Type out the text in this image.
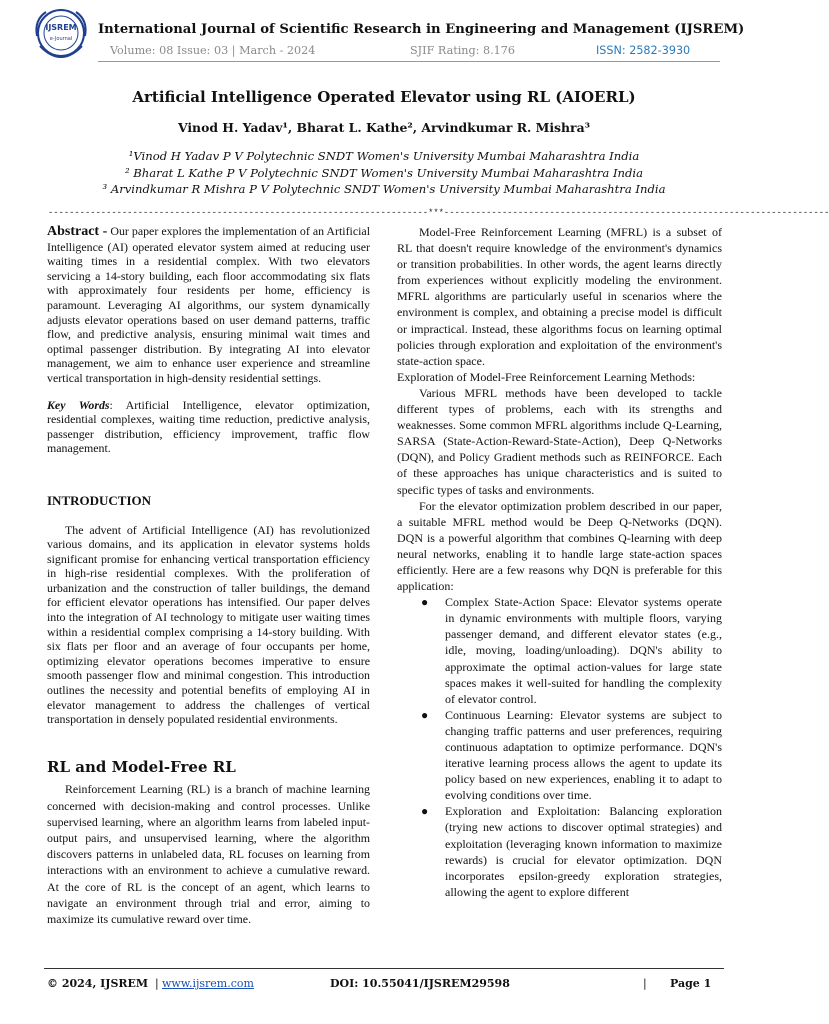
IJSREM
e-Journal
International Journal of Scientific Research in Engineering and Management (IJSREM)
Volume: 08 Issue: 03 | March - 2024	SJIF Rating: 8.176	ISSN: 2582-3930
Artificial Intelligence Operated Elevator using RL (AIOERL)
Vinod H. Yadav¹, Bharat L. Kathe², Arvindkumar R. Mishra³
¹Vinod H Yadav P V Polytechnic SNDT Women's University Mumbai Maharashtra India
² Bharat L Kathe P V Polytechnic SNDT Women's University Mumbai Maharashtra India
³ Arvindkumar R Mishra P V Polytechnic SNDT Women's University Mumbai Maharashtra India
------------------------------------------------------------------------***-------------------------------------------------------------------------

Abstract - Our paper explores the implementation of an Artificial Intelligence (AI) operated elevator system aimed at reducing user waiting times in a residential complex. With two elevators servicing a 14-story building, each floor accommodating six flats with approximately four residents per home, efficiency is paramount. Leveraging AI algorithms, our system dynamically adjusts elevator operations based on user demand patterns, traffic flow, and predictive analysis, ensuring minimal wait times and optimal passenger distribution. By integrating AI into elevator management, we aim to enhance user experience and streamline vertical transportation in high-density residential settings.

Key Words: Artificial Intelligence, elevator optimization, residential complexes, waiting time reduction, predictive analysis, passenger distribution, efficiency improvement, traffic flow management.

INTRODUCTION

The advent of Artificial Intelligence (AI) has revolutionized various domains, and its application in elevator systems holds significant promise for enhancing vertical transportation efficiency in high-rise residential complexes. With the proliferation of urbanization and the construction of taller buildings, the demand for efficient elevator operations has intensified. Our paper delves into the integration of AI technology to mitigate user waiting times within a residential complex comprising a 14-story building. With six flats per floor and an average of four occupants per home, optimizing elevator operations becomes imperative to ensure smooth passenger flow and minimal congestion. This introduction outlines the necessity and potential benefits of employing AI in elevator management to address the challenges of vertical transportation in densely populated residential environments.

RL and Model-Free RL

Reinforcement Learning (RL) is a branch of machine learning concerned with decision-making and control processes. Unlike supervised learning, where an algorithm learns from labeled input-output pairs, and unsupervised learning, where the algorithm discovers patterns in unlabeled data, RL focuses on learning from interactions with an environment to achieve a cumulative reward. At the core of RL is the concept of an agent, which learns to navigate an environment through trial and error, aiming to maximize its cumulative reward over time.

Model-Free Reinforcement Learning (MFRL) is a subset of RL that doesn't require knowledge of the environment's dynamics or transition probabilities. In other words, the agent learns directly from experiences without explicitly modeling the environment. MFRL algorithms are particularly useful in scenarios where the environment is complex, and obtaining a precise model is difficult or impractical. Instead, these algorithms focus on learning optimal policies through exploration and exploitation of the environment's state-action space.

Exploration of Model-Free Reinforcement Learning Methods:

Various MFRL methods have been developed to tackle different types of problems, each with its strengths and weaknesses. Some common MFRL algorithms include Q-Learning, SARSA (State-Action-Reward-State-Action), Deep Q-Networks (DQN), and Policy Gradient methods such as REINFORCE. Each of these approaches has unique characteristics and is suited to specific types of tasks and environments.

For the elevator optimization problem described in our paper, a suitable MFRL method would be Deep Q-Networks (DQN). DQN is a powerful algorithm that combines Q-learning with deep neural networks, enabling it to handle large state-action spaces efficiently. Here are a few reasons why DQN is preferable for this application:

● Complex State-Action Space: Elevator systems operate in dynamic environments with multiple floors, varying passenger demand, and different elevator states (e.g., idle, moving, loading/unloading). DQN's ability to approximate the optimal action-values for large state spaces makes it well-suited for handling the complexity of elevator control.
● Continuous Learning: Elevator systems are subject to changing traffic patterns and user preferences, requiring continuous adaptation to optimize performance. DQN's iterative learning process allows the agent to update its policy based on new experiences, enabling it to adapt to evolving conditions over time.
● Exploration and Exploitation: Balancing exploration (trying new actions to discover optimal strategies) and exploitation (leveraging known information to maximize rewards) is crucial for elevator optimization. DQN incorporates epsilon-greedy exploration strategies, allowing the agent to explore different
© 2024, IJSREM | www.ijsrem.com	DOI: 10.55041/IJSREM29598	| Page 1
